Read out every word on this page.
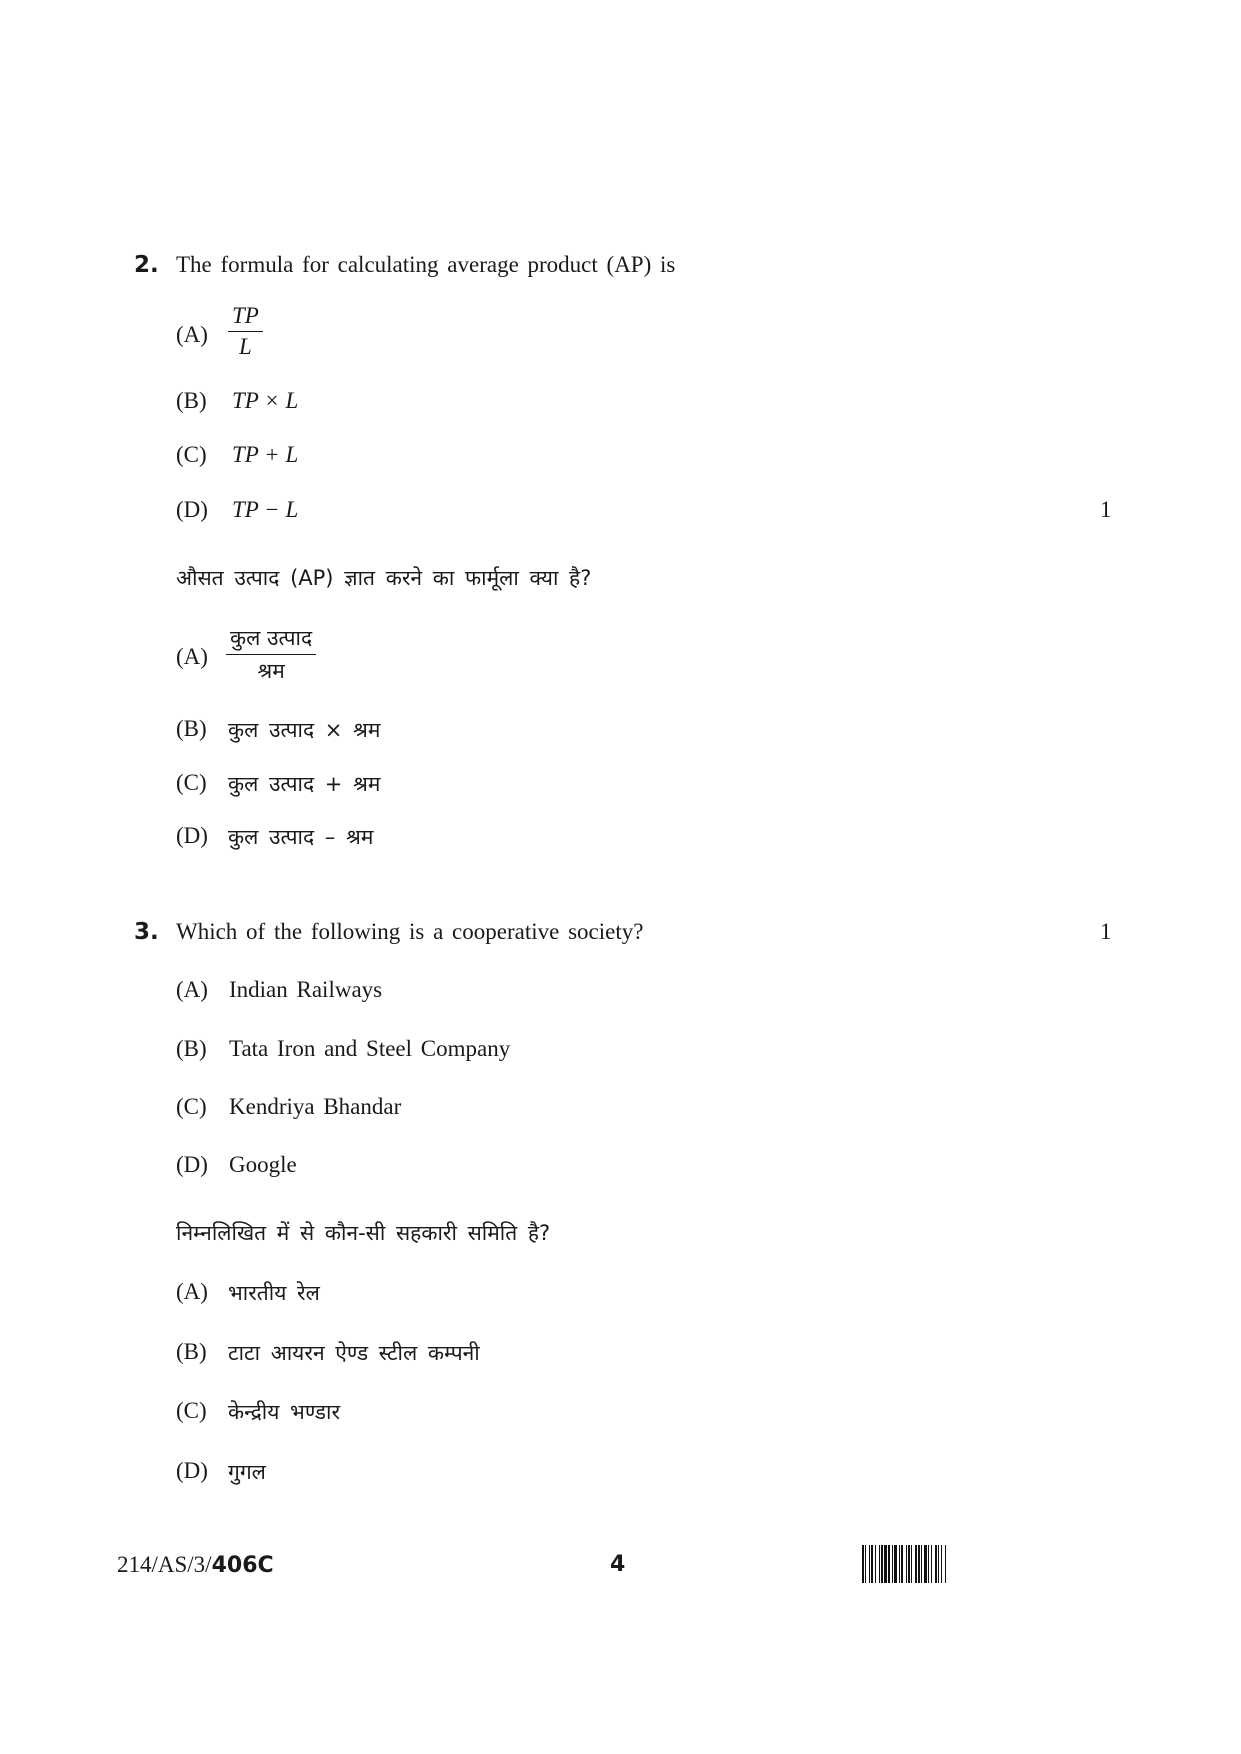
2. The formula for calculating average product (AP) is
$(A) \frac{TP}{L}$
(B) TP × L
(C) TP + L
(D) TP − L	1
औसत उत्पाद (AP) ज्ञात करने का फार्मूला क्या है?
(A)
कुल उत्पाद
श्रम
(B) कुल उत्पाद × श्रम
(C) कुल उत्पाद + श्रम
(D) कुल उत्पाद – श्रम
3. Which of the following is a cooperative society?	1
(A) Indian Railways
(B) Tata Iron and Steel Company
(C) Kendriya Bhandar
(D) Google
निम्नलिखित में से कौन-सी सहकारी समिति है?
(A) भारतीय रेल
(B) टाटा आयरन ऐण्ड स्टील कम्पनी
(C) केन्द्रीय भण्डार
(D) गुगल
214/AS/3/406C	4
